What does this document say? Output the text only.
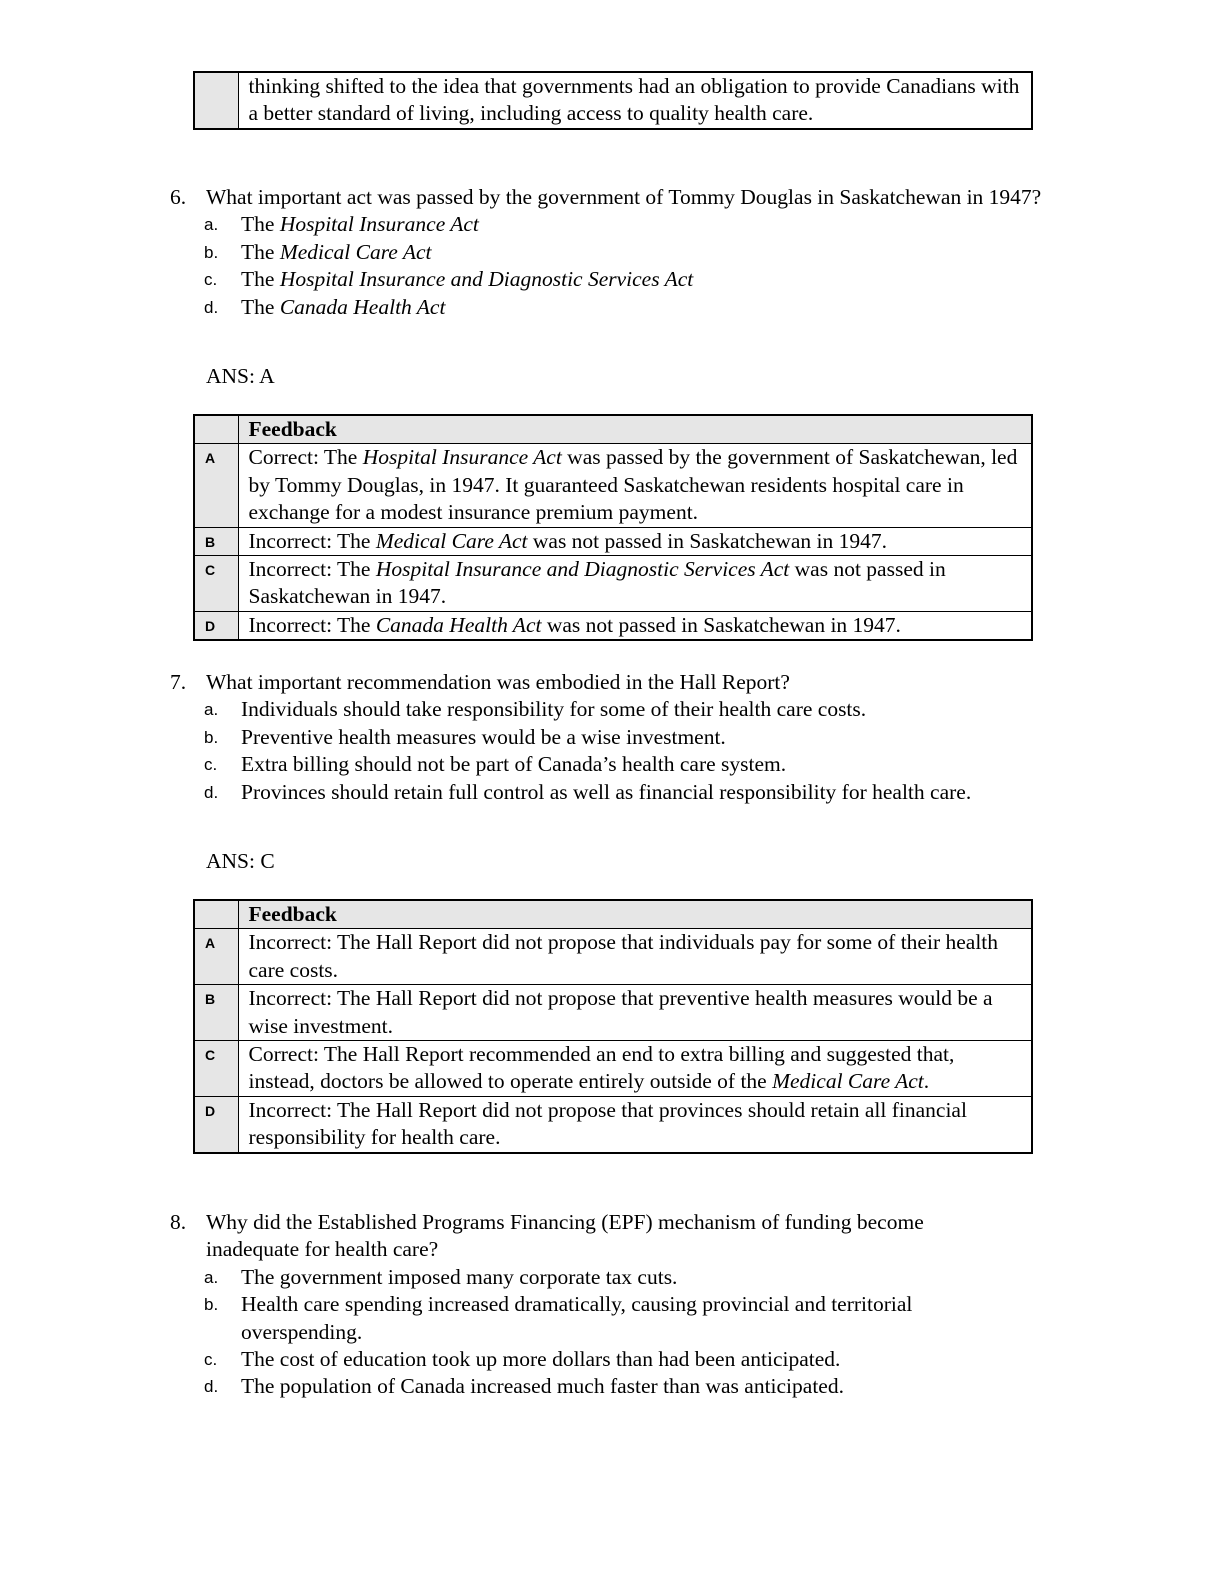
	thinking shifted to the idea that governments had an obligation to provide Canadians with a better standard of living, including access to quality health care.
6. What important act was passed by the government of Tommy Douglas in Saskatchewan in 1947?
a. The Hospital Insurance Act
b. The Medical Care Act
c. The Hospital Insurance and Diagnostic Services Act
d. The Canada Health Act
ANS: A
	Feedback
A	Correct: The Hospital Insurance Act was passed by the government of Saskatchewan, led by Tommy Douglas, in 1947. It guaranteed Saskatchewan residents hospital care in exchange for a modest insurance premium payment.
B	Incorrect: The Medical Care Act was not passed in Saskatchewan in 1947.
C	Incorrect: The Hospital Insurance and Diagnostic Services Act was not passed in Saskatchewan in 1947.
D	Incorrect: The Canada Health Act was not passed in Saskatchewan in 1947.
7. What important recommendation was embodied in the Hall Report?
a. Individuals should take responsibility for some of their health care costs.
b. Preventive health measures would be a wise investment.
c. Extra billing should not be part of Canada’s health care system.
d. Provinces should retain full control as well as financial responsibility for health care.
ANS: C
	Feedback
A	Incorrect: The Hall Report did not propose that individuals pay for some of their health care costs.
B	Incorrect: The Hall Report did not propose that preventive health measures would be a wise investment.
C	Correct: The Hall Report recommended an end to extra billing and suggested that, instead, doctors be allowed to operate entirely outside of the Medical Care Act.
D	Incorrect: The Hall Report did not propose that provinces should retain all financial responsibility for health care.
8. Why did the Established Programs Financing (EPF) mechanism of funding become inadequate for health care?
a. The government imposed many corporate tax cuts.
b. Health care spending increased dramatically, causing provincial and territorial overspending.
c. The cost of education took up more dollars than had been anticipated.
d. The population of Canada increased much faster than was anticipated.
